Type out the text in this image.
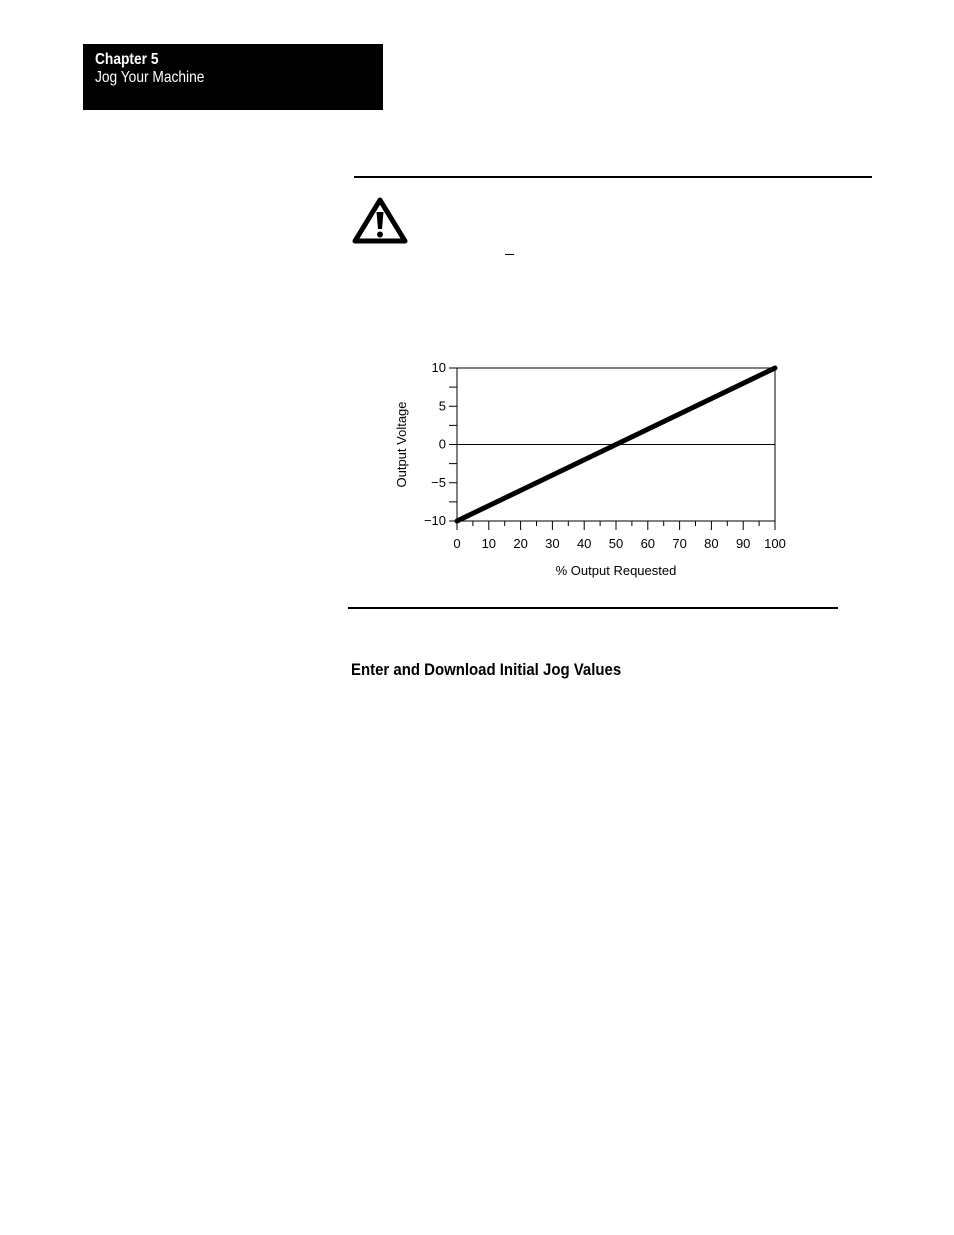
Chapter 5
Jog Your Machine
10
5
0
−5
−10
0 10 20 30 40 50 60 70 80 90 100
% Output Requested
Output Voltage
Enter and Download Initial Jog Values
